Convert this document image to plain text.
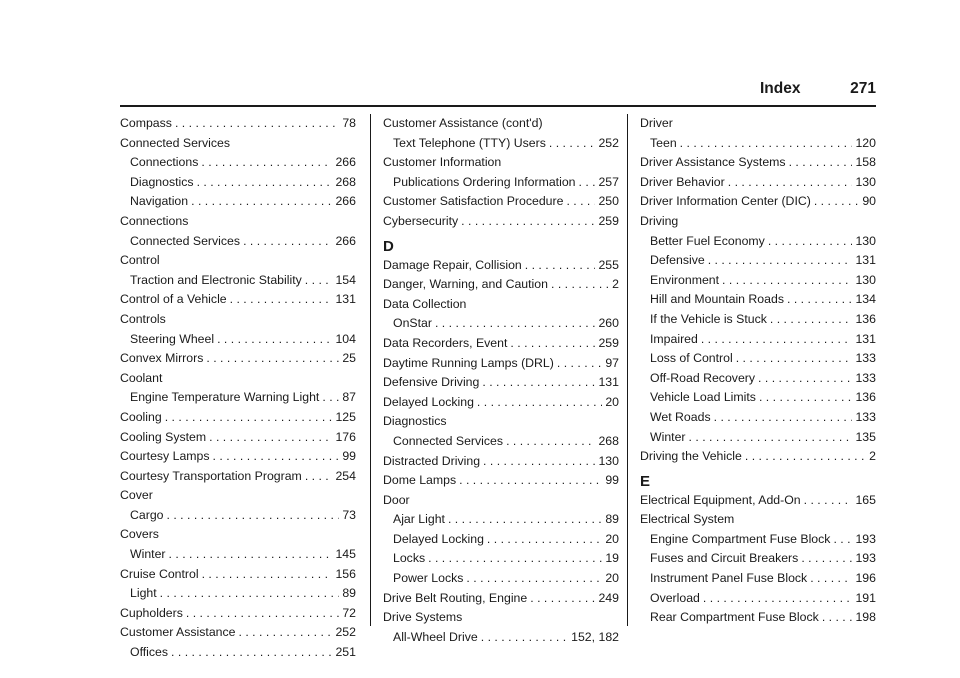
Index	271
Compass . . .	78
Connected Services
Connections . . .	266
Diagnostics . . .	268
Navigation . . .	266
Connections
Connected Services . . .	266
Control
Traction and Electronic Stability . . .	154
Control of a Vehicle . . .	131
Controls
Steering Wheel . . .	104
Convex Mirrors . . .	25
Coolant
Engine Temperature Warning Light . . . 87
Cooling . . .	125
Cooling System . . .	176
Courtesy Lamps . . .	99
Courtesy Transportation Program . . .	254
Cover
Cargo . . .	73
Covers
Winter . . .	145
Cruise Control . . .	156
Light . . .	89
Cupholders . . .	72
Customer Assistance . . .	252
Offices . . .	251
Customer Assistance (cont'd)
Text Telephone (TTY) Users . . .	252
Customer Information
Publications Ordering Information . . . 257
Customer Satisfaction Procedure . . .	250
Cybersecurity . . .	259
D
Damage Repair, Collision . . .	255
Danger, Warning, and Caution . . .	2
Data Collection
OnStar . . .	260
Data Recorders, Event . . .	259
Daytime Running Lamps (DRL) . . .	97
Defensive Driving . . .	131
Delayed Locking . . .	20
Diagnostics
Connected Services . . .	268
Distracted Driving . . .	130
Dome Lamps . . .	99
Door
Ajar Light . . .	89
Delayed Locking . . .	20
Locks . . .	19
Power Locks . . .	20
Drive Belt Routing, Engine . . .	249
Drive Systems
All-Wheel Drive . . .	152, 182
Driver
Teen . . .	120
Driver Assistance Systems . . .	158
Driver Behavior . . .	130
Driver Information Center (DIC) . . .	90
Driving
Better Fuel Economy . . .	130
Defensive . . .	131
Environment . . .	130
Hill and Mountain Roads . . .	134
If the Vehicle is Stuck . . .	136
Impaired . . .	131
Loss of Control . . .	133
Off-Road Recovery . . .	133
Vehicle Load Limits . . .	136
Wet Roads . . .	133
Winter . . .	135
Driving the Vehicle . . .	2
E
Electrical Equipment, Add-On . . .	165
Electrical System
Engine Compartment Fuse Block . . . 193
Fuses and Circuit Breakers . . .	193
Instrument Panel Fuse Block . . .	196
Overload . . .	191
Rear Compartment Fuse Block . . .	198
